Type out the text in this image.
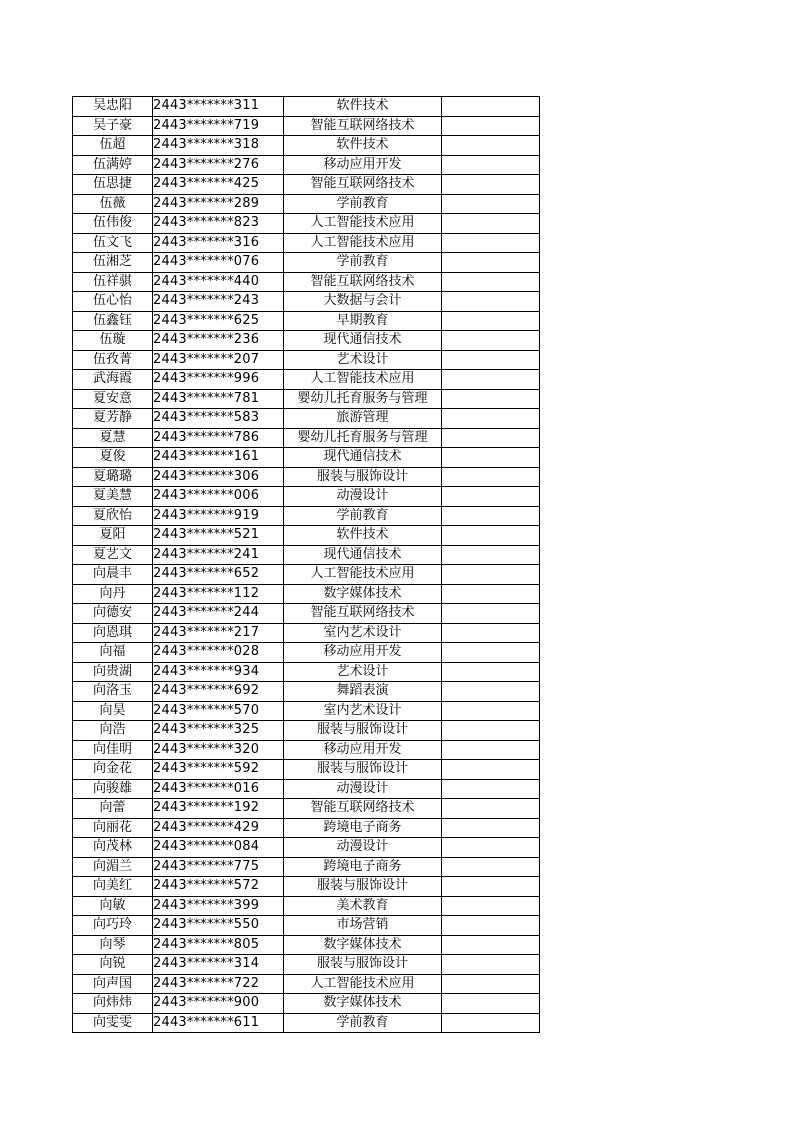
吴忠阳	2443*******311	软件技术	
吴子豪	2443*******719	智能互联网络技术	
伍超	2443*******318	软件技术	
伍满婷	2443*******276	移动应用开发	
伍思捷	2443*******425	智能互联网络技术	
伍薇	2443*******289	学前教育	
伍伟俊	2443*******823	人工智能技术应用	
伍文飞	2443*******316	人工智能技术应用	
伍湘芝	2443*******076	学前教育	
伍祥骐	2443*******440	智能互联网络技术	
伍心怡	2443*******243	大数据与会计	
伍鑫钰	2443*******625	早期教育	
伍璇	2443*******236	现代通信技术	
伍孜菁	2443*******207	艺术设计	
武海霞	2443*******996	人工智能技术应用	
夏安意	2443*******781	婴幼儿托育服务与管理	
夏芳静	2443*******583	旅游管理	
夏慧	2443*******786	婴幼儿托育服务与管理	
夏俊	2443*******161	现代通信技术	
夏璐璐	2443*******306	服装与服饰设计	
夏美慧	2443*******006	动漫设计	
夏欣怡	2443*******919	学前教育	
夏阳	2443*******521	软件技术	
夏艺文	2443*******241	现代通信技术	
向晨丰	2443*******652	人工智能技术应用	
向丹	2443*******112	数字媒体技术	
向德安	2443*******244	智能互联网络技术	
向恩琪	2443*******217	室内艺术设计	
向福	2443*******028	移动应用开发	
向贵湖	2443*******934	艺术设计	
向洛玉	2443*******692	舞蹈表演	
向昊	2443*******570	室内艺术设计	
向浩	2443*******325	服装与服饰设计	
向佳明	2443*******320	移动应用开发	
向金花	2443*******592	服装与服饰设计	
向骏雄	2443*******016	动漫设计	
向蕾	2443*******192	智能互联网络技术	
向丽花	2443*******429	跨境电子商务	
向茂林	2443*******084	动漫设计	
向湄兰	2443*******775	跨境电子商务	
向美红	2443*******572	服装与服饰设计	
向敏	2443*******399	美术教育	
向巧玲	2443*******550	市场营销	
向琴	2443*******805	数字媒体技术	
向锐	2443*******314	服装与服饰设计	
向声国	2443*******722	人工智能技术应用	
向炜炜	2443*******900	数字媒体技术	
向雯雯	2443*******611	学前教育	
